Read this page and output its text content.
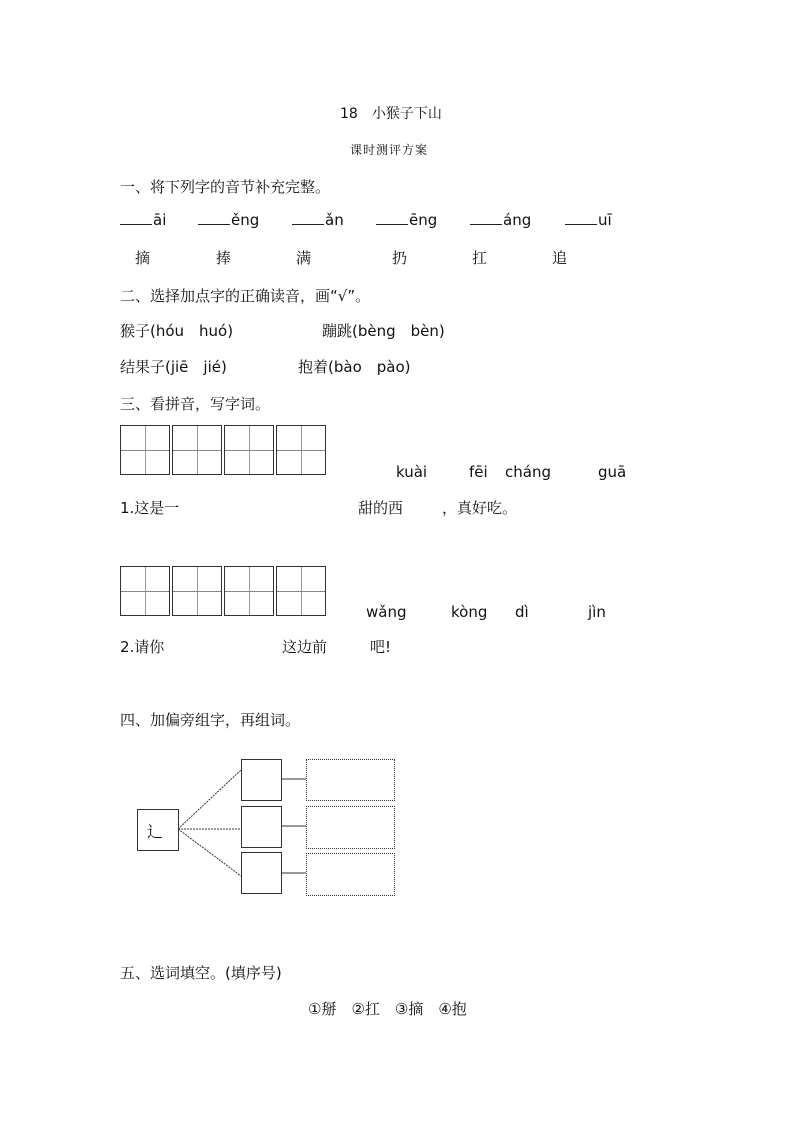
18　小猴子下山
课时测评方案
一、将下列字的音节补充完整。
āi	ěng	ǎn	ēng	áng	uī
摘	捧	满	扔	扛	追
二、选择加点字的正确读音，画“√”。
猴子(hóu　huó)	蹦跳(bèng　bèn)
结果子(jiē　jié)	抱着(bào　pào)
三、看拼音，写字词。
kuài	fēi cháng	guā
1.这是一	甜的西	，真好吃。
wǎng	kòng dì	jìn
2.请你	这边前	吧!
四、加偏旁组字，再组词。
辶
五、选词填空。(填序号)
①掰　②扛　③摘　④抱
